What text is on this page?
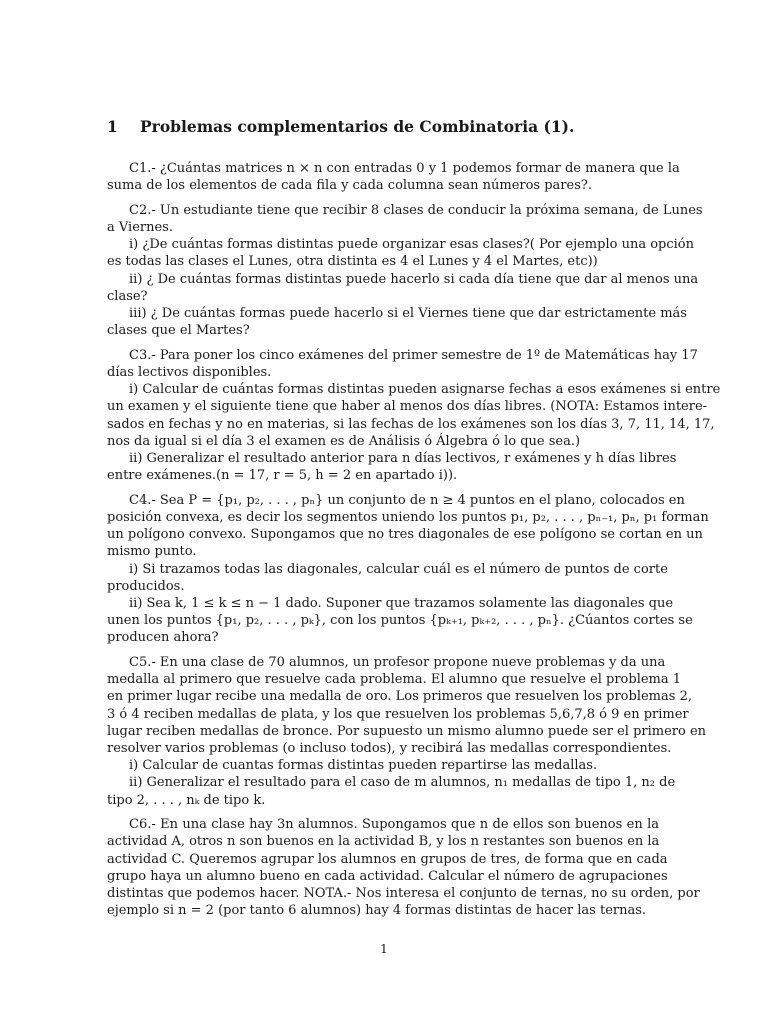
1 Problemas complementarios de Combinatoria (1).
C1.- ¿Cuántas matrices n × n con entradas 0 y 1 podemos formar de manera que la
suma de los elementos de cada fila y cada columna sean números pares?.
C2.- Un estudiante tiene que recibir 8 clases de conducir la próxima semana, de Lunes
a Viernes.
i) ¿De cuántas formas distintas puede organizar esas clases?( Por ejemplo una opción
es todas las clases el Lunes, otra distinta es 4 el Lunes y 4 el Martes, etc))
ii) ¿ De cuántas formas distintas puede hacerlo si cada día tiene que dar al menos una
clase?
iii) ¿ De cuántas formas puede hacerlo si el Viernes tiene que dar estrictamente más
clases que el Martes?
C3.- Para poner los cinco exámenes del primer semestre de 1º de Matemáticas hay 17
días lectivos disponibles.
i) Calcular de cuántas formas distintas pueden asignarse fechas a esos exámenes si entre
un examen y el siguiente tiene que haber al menos dos días libres. (NOTA: Estamos intere-
sados en fechas y no en materias, si las fechas de los exámenes son los días 3, 7, 11, 14, 17,
nos da igual si el día 3 el examen es de Análisis ó Álgebra ó lo que sea.)
ii) Generalizar el resultado anterior para n días lectivos, r exámenes y h días libres
entre exámenes.(n = 17, r = 5, h = 2 en apartado i)).
C4.- Sea P = {p₁, p₂, . . . , pₙ} un conjunto de n ≥ 4 puntos en el plano, colocados en
posición convexa, es decir los segmentos uniendo los puntos p₁, p₂, . . . , pₙ₋₁, pₙ, p₁ forman
un polígono convexo. Supongamos que no tres diagonales de ese polígono se cortan en un
mismo punto.
i) Si trazamos todas las diagonales, calcular cuál es el número de puntos de corte
producidos.
ii) Sea k, 1 ≤ k ≤ n − 1 dado. Suponer que trazamos solamente las diagonales que
unen los puntos {p₁, p₂, . . . , pₖ}, con los puntos {pₖ₊₁, pₖ₊₂, . . . , pₙ}. ¿Cúantos cortes se
producen ahora?
C5.- En una clase de 70 alumnos, un profesor propone nueve problemas y da una
medalla al primero que resuelve cada problema. El alumno que resuelve el problema 1
en primer lugar recibe una medalla de oro. Los primeros que resuelven los problemas 2,
3 ó 4 reciben medallas de plata, y los que resuelven los problemas 5,6,7,8 ó 9 en primer
lugar reciben medallas de bronce. Por supuesto un mismo alumno puede ser el primero en
resolver varios problemas (o incluso todos), y recibirá las medallas correspondientes.
i) Calcular de cuantas formas distintas pueden repartirse las medallas.
ii) Generalizar el resultado para el caso de m alumnos, n₁ medallas de tipo 1, n₂ de
tipo 2, . . . , nₖ de tipo k.
C6.- En una clase hay 3n alumnos. Supongamos que n de ellos son buenos en la
actividad A, otros n son buenos en la actividad B, y los n restantes son buenos en la
actividad C. Queremos agrupar los alumnos en grupos de tres, de forma que en cada
grupo haya un alumno bueno en cada actividad. Calcular el número de agrupaciones
distintas que podemos hacer. NOTA.- Nos interesa el conjunto de ternas, no su orden, por
ejemplo si n = 2 (por tanto 6 alumnos) hay 4 formas distintas de hacer las ternas.
1
